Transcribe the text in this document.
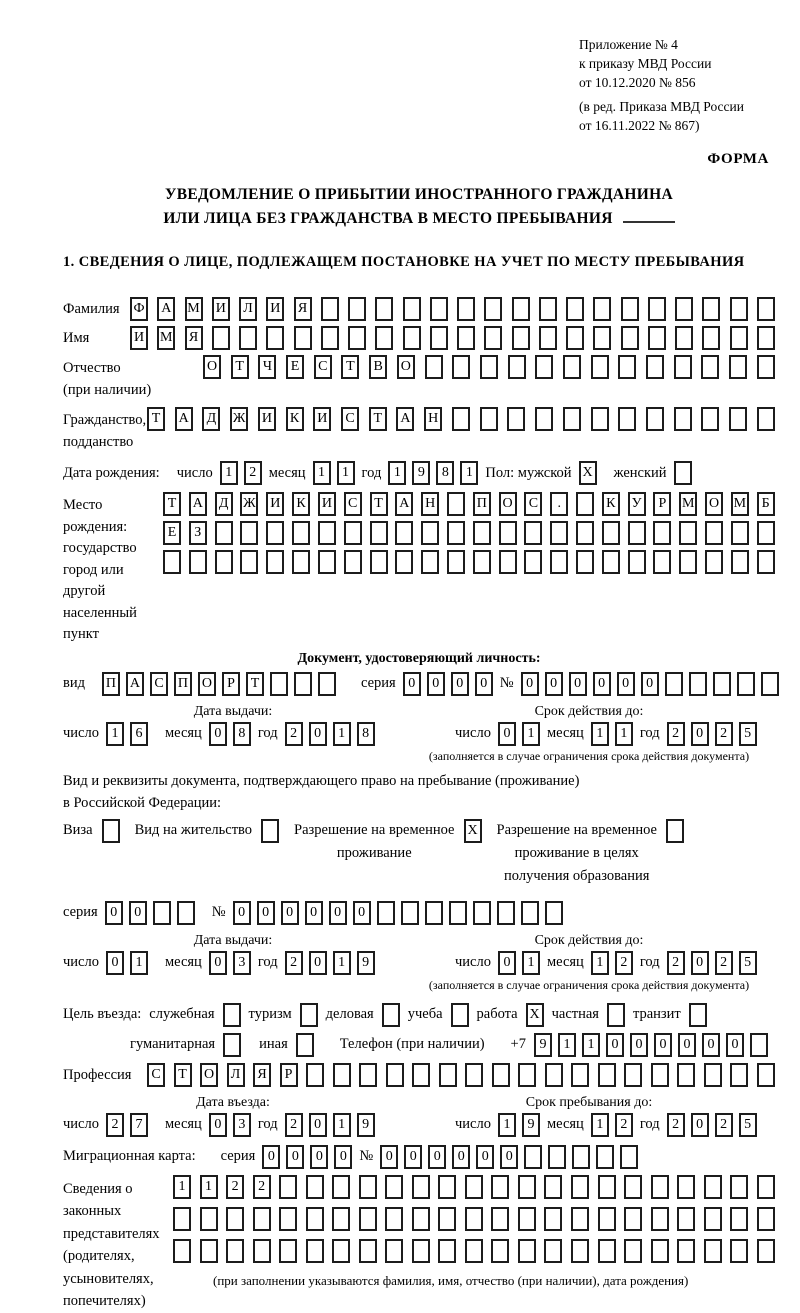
Приложение № 4
к приказу МВД России
от 10.12.2020 № 856
(в ред. Приказа МВД России
от 16.11.2022 № 867)
ФОРМА
УВЕДОМЛЕНИЕ О ПРИБЫТИИ ИНОСТРАННОГО ГРАЖДАНИНА
ИЛИ ЛИЦА БЕЗ ГРАЖДАНСТВА В МЕСТО ПРЕБЫВАНИЯ
1. СВЕДЕНИЯ О ЛИЦЕ, ПОДЛЕЖАЩЕМ ПОСТАНОВКЕ НА УЧЕТ ПО МЕСТУ ПРЕБЫВАНИЯ
Фамилия Ф А М И	Л	И	Я
Имя	И М	Я
Отчество
(при наличии)
О	Т	Ч	Е	С	Т	В	О
Гражданство,
подданство
Т	А	Д	Ж И	К	И	С	Т	А Н
Дата рождения: число 1	2 месяц 1	1 год 1	9	8	1 Пол: мужской X женский
Место рождения:
государство
город или другой
населенный пункт
Т	А	Д	Ж И	К	И	С	Т	А Н	П О	С	.	К	У	Р	М О М	Б
Е	З
Документ, удостоверяющий личность:
вид П А	С	П О	Р	Т	серия 0	0	0	0 № 0	0	0	0	0	0
Дата выдачи:
число 1	6	месяц 0	8 год 2	0	1	8
Срок действия до:
число 0	1 месяц 1	1 год 2	0	2	5
(заполняется в случае ограничения срока действия документа)
Вид и реквизиты документа, подтверждающего право на пребывание (проживание)
в Российской Федерации:
Виза	Вид на жительство	Разрешение на временное
проживание
X Разрешение на временное
проживание в целях
получения образования
серия 0	0	№ 0	0	0	0	0	0
Дата выдачи:
число 0	1	месяц 0	3 год 2	0	1	9
Срок действия до:
число 0	1 месяц 1	2 год 2	0	2	5
(заполняется в случае ограничения срока действия документа)
Цель въезда: служебная туризм деловая учеба работа X частная транзит
гуманитарная	иная	Телефон (при наличии) +7 9	1	1	0	0	0	0	0	0
Профессия	С	Т	О	Л	Я	Р
Дата въезда:
число 2	7	месяц 0	3 год 2	0	1	9
Срок пребывания до:
число 1	9 месяц 1	2 год 2	0	2	5
Миграционная карта: серия 0	0	0	0 № 0	0	0	0	0	0
Сведения о
законных
представителях
(родителях,
усыновителях,
попечителях)
1	1	2	2
(при заполнении указываются фамилия, имя, отчество (при наличии), дата рождения)
